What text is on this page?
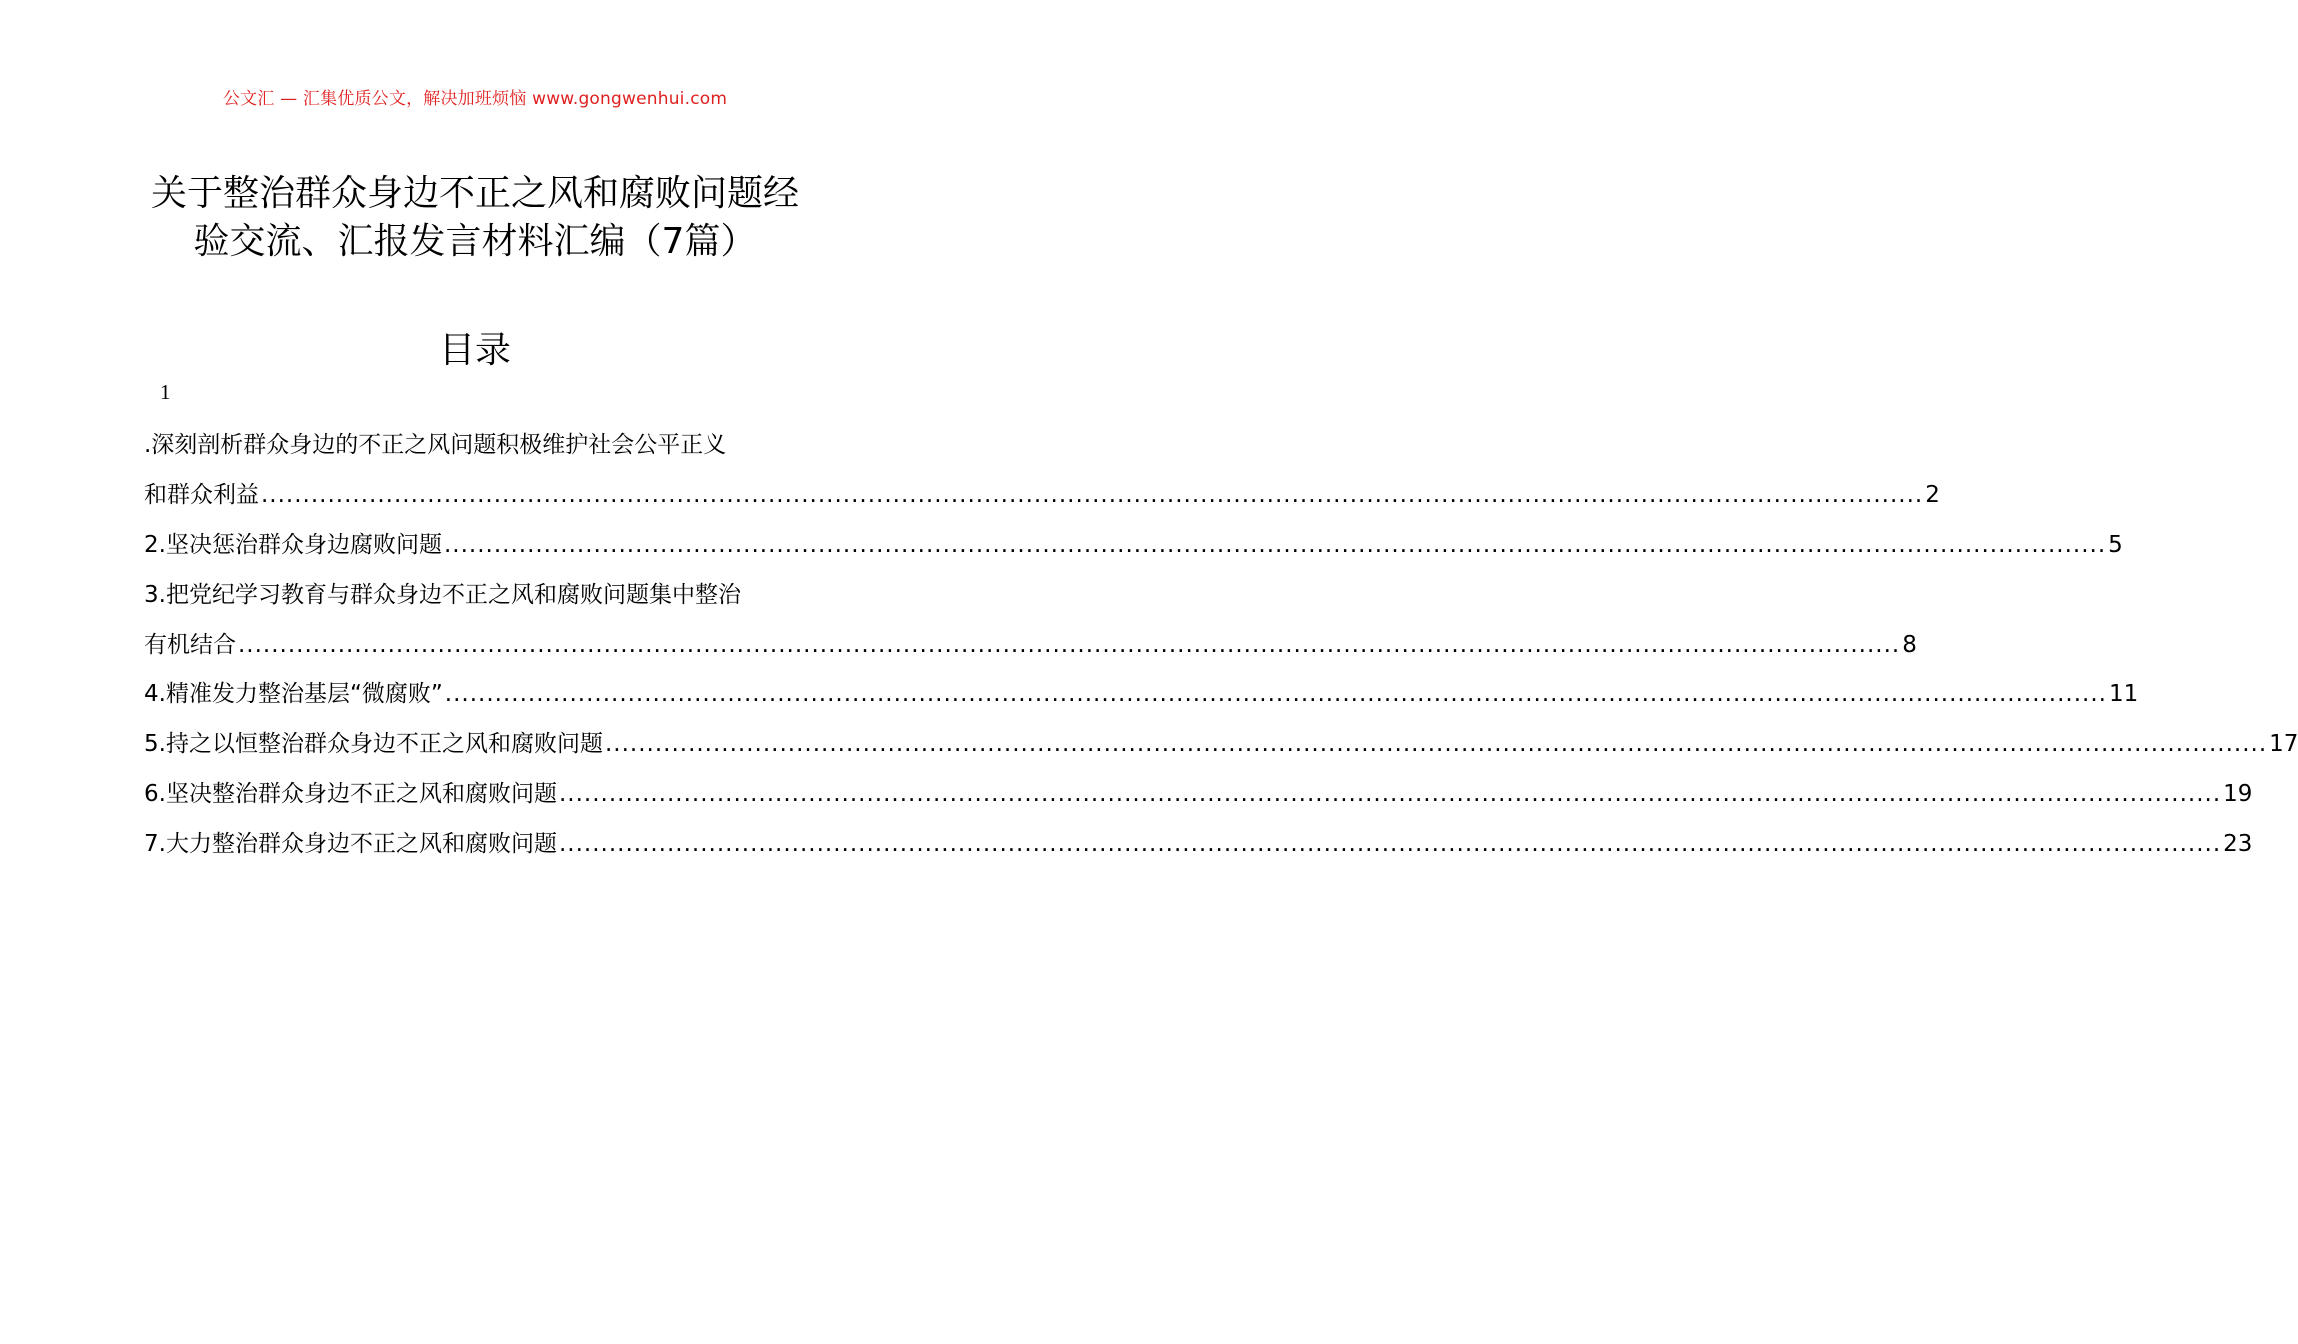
公文汇 — 汇集优质公文，解决加班烦恼 www.gongwenhui.com
关于整治群众身边不正之风和腐败问题经
验交流、汇报发言材料汇编（7篇）
目录
1
.深刻剖析群众身边的不正之风问题积极维护社会公平正义
和群众利益 ........................................................................................................................................................................................................ 2
2.坚决惩治群众身边腐败问题 ........................................................................................................................................................................................................ 5
3.把党纪学习教育与群众身边不正之风和腐败问题集中整治
有机结合 ........................................................................................................................................................................................................ 8
4.精准发力整治基层“微腐败” ........................................................................................................................................................................................................ 11
5.持之以恒整治群众身边不正之风和腐败问题 ........................................................................................................................................................................................................ 17
6.坚决整治群众身边不正之风和腐败问题 ........................................................................................................................................................................................................ 19
7.大力整治群众身边不正之风和腐败问题 ........................................................................................................................................................................................................ 23
